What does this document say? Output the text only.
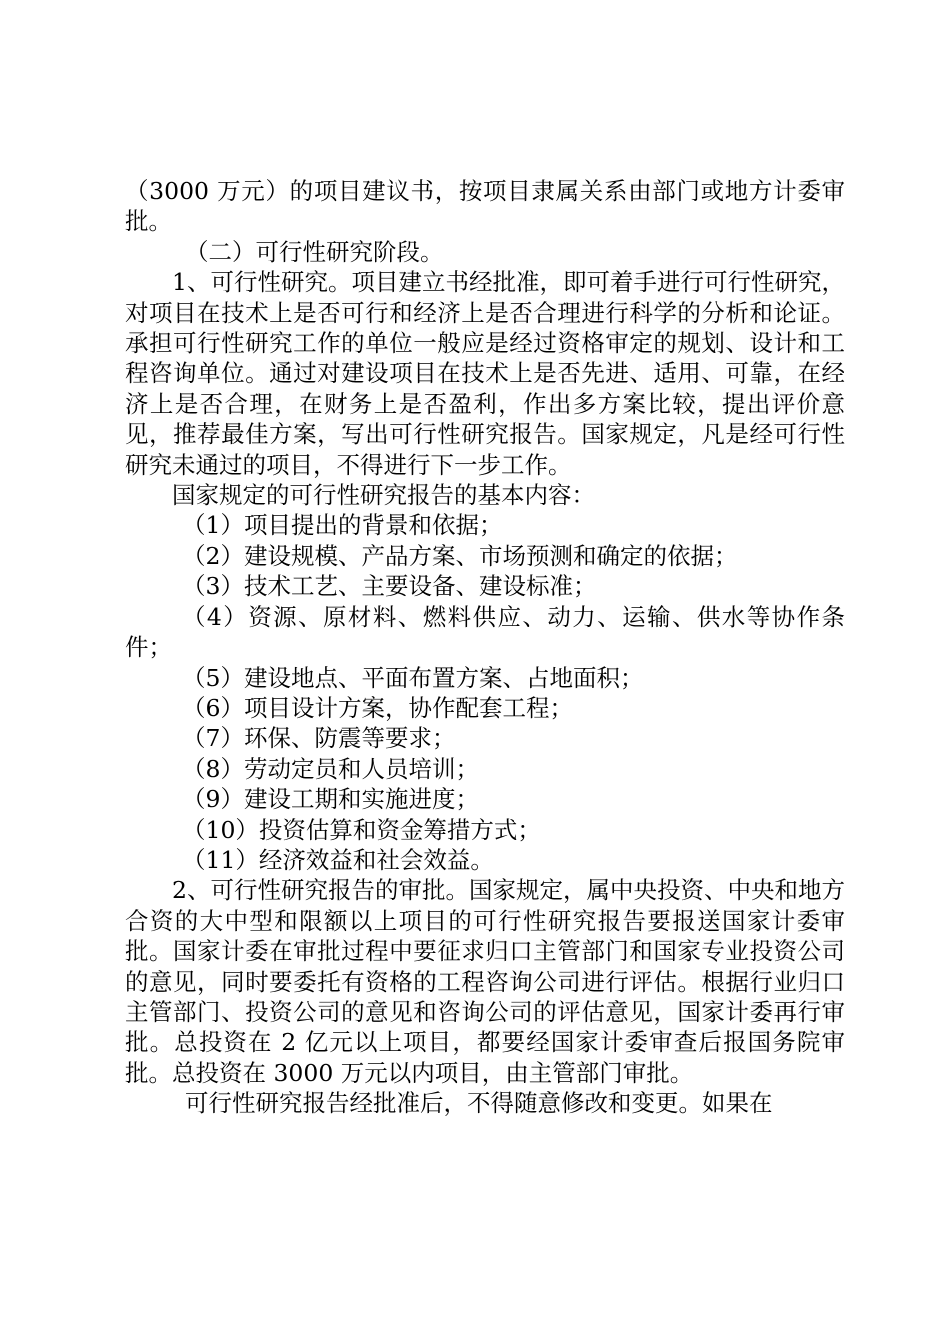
（3000 万元）的项目建议书，按项目隶属关系由部门或地方计委审批。

（二）可行性研究阶段。

1、可行性研究。项目建立书经批准，即可着手进行可行性研究，对项目在技术上是否可行和经济上是否合理进行科学的分析和论证。承担可行性研究工作的单位一般应是经过资格审定的规划、设计和工程咨询单位。通过对建设项目在技术上是否先进、适用、可靠，在经济上是否合理，在财务上是否盈利，作出多方案比较，提出评价意见，推荐最佳方案，写出可行性研究报告。国家规定，凡是经可行性研究未通过的项目，不得进行下一步工作。

国家规定的可行性研究报告的基本内容：

（1）项目提出的背景和依据；

（2）建设规模、产品方案、市场预测和确定的依据；

（3）技术工艺、主要设备、建设标准；

（4）资源、原材料、燃料供应、动力、运输、供水等协作条件；

（5）建设地点、平面布置方案、占地面积；

（6）项目设计方案，协作配套工程；

（7）环保、防震等要求；

（8）劳动定员和人员培训；

（9）建设工期和实施进度；

（10）投资估算和资金筹措方式；

（11）经济效益和社会效益。

2、可行性研究报告的审批。国家规定，属中央投资、中央和地方合资的大中型和限额以上项目的可行性研究报告要报送国家计委审批。国家计委在审批过程中要征求归口主管部门和国家专业投资公司的意见，同时要委托有资格的工程咨询公司进行评估。根据行业归口主管部门、投资公司的意见和咨询公司的评估意见，国家计委再行审批。总投资在 2 亿元以上项目，都要经国家计委审查后报国务院审批。总投资在 3000 万元以内项目，由主管部门审批。

可行性研究报告经批准后，不得随意修改和变更。如果在
